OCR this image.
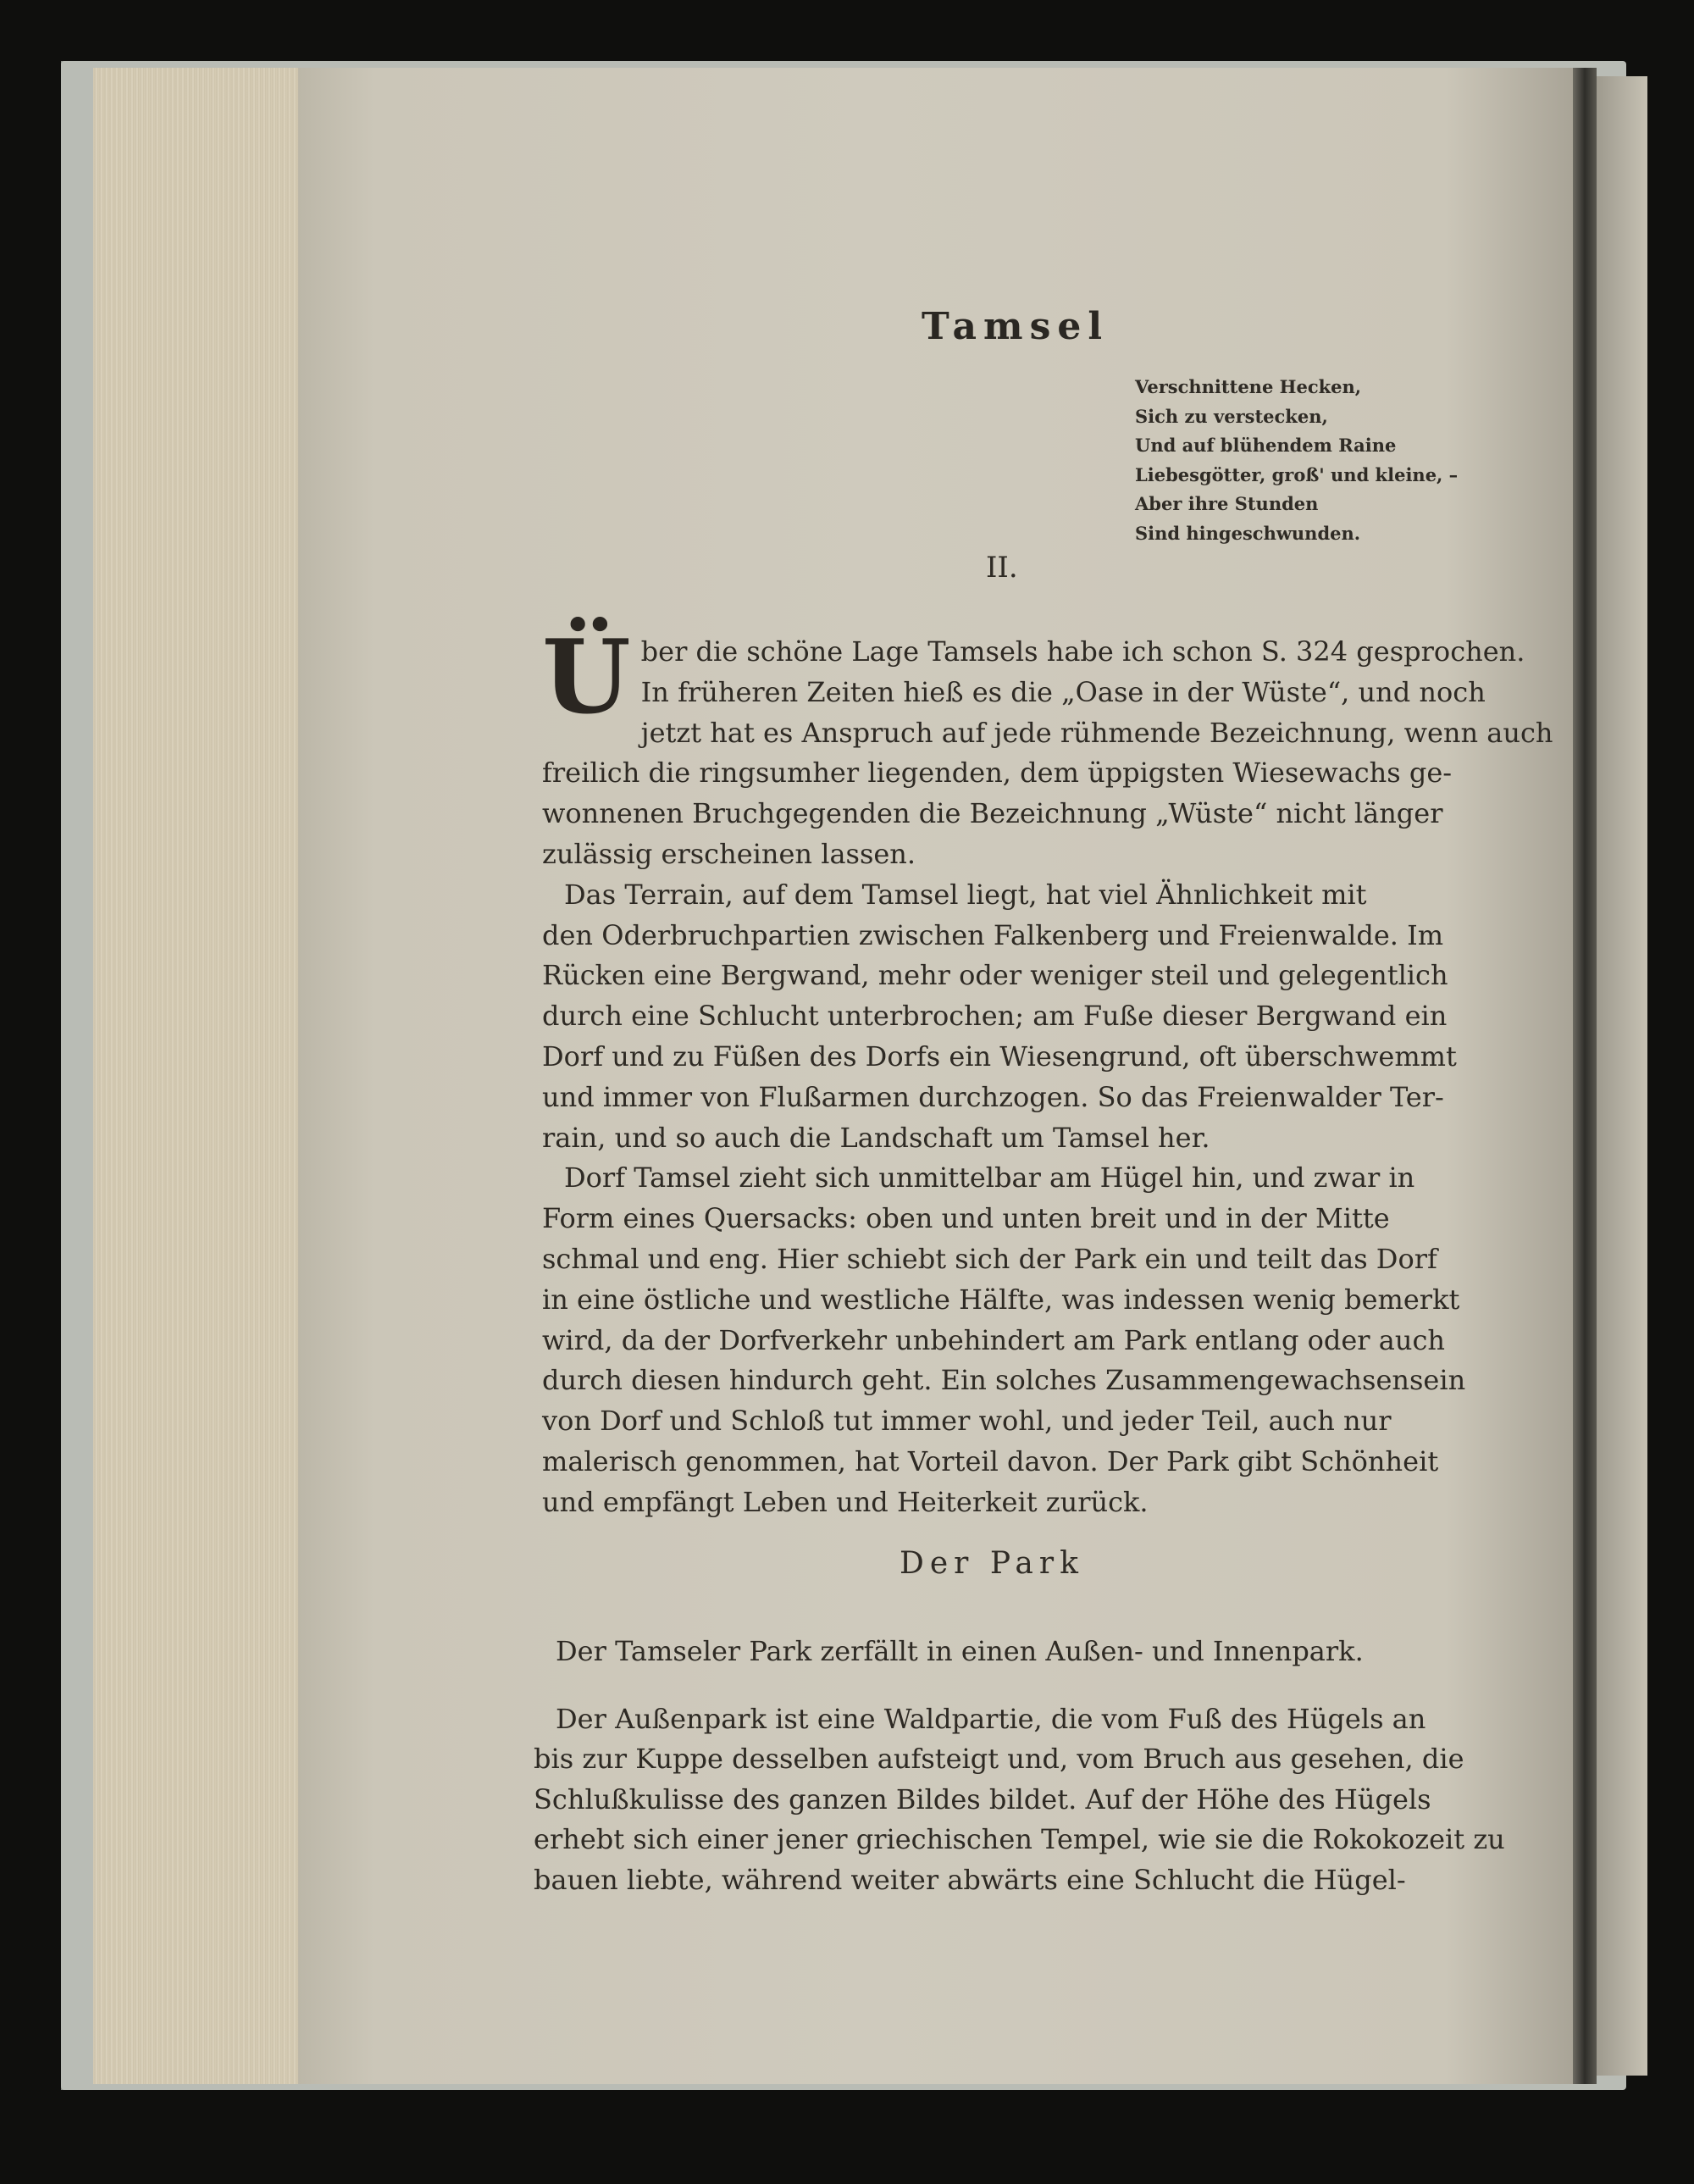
Tamsel
Verschnittene Hecken,
Sich zu verstecken,
Und auf blühendem Raine
Liebesgötter, groß' und kleine, –
Aber ihre Stunden
Sind hingeschwunden.
II.

Ü ber die schöne Lage Tamsels habe ich schon S. 324 gesprochen.
In früheren Zeiten hieß es die „Oase in der Wüste“, und noch
jetzt hat es Anspruch auf jede rühmende Bezeichnung, wenn auch
freilich die ringsumher liegenden, dem üppigsten Wiesewachs ge-
wonnenen Bruchgegenden die Bezeichnung „Wüste“ nicht länger
zulässig erscheinen lassen.

Das Terrain, auf dem Tamsel liegt, hat viel Ähnlichkeit mit
den Oderbruchpartien zwischen Falkenberg und Freienwalde. Im
Rücken eine Bergwand, mehr oder weniger steil und gelegentlich
durch eine Schlucht unterbrochen; am Fuße dieser Bergwand ein
Dorf und zu Füßen des Dorfs ein Wiesengrund, oft überschwemmt
und immer von Flußarmen durchzogen. So das Freienwalder Ter-
rain, und so auch die Landschaft um Tamsel her.

Dorf Tamsel zieht sich unmittelbar am Hügel hin, und zwar in
Form eines Quersacks: oben und unten breit und in der Mitte
schmal und eng. Hier schiebt sich der Park ein und teilt das Dorf
in eine östliche und westliche Hälfte, was indessen wenig bemerkt
wird, da der Dorfverkehr unbehindert am Park entlang oder auch
durch diesen hindurch geht. Ein solches Zusammengewachsensein
von Dorf und Schloß tut immer wohl, und jeder Teil, auch nur
malerisch genommen, hat Vorteil davon. Der Park gibt Schönheit
und empfängt Leben und Heiterkeit zurück.

Der Park

Der Tamseler Park zerfällt in einen Außen- und Innenpark.

Der Außenpark ist eine Waldpartie, die vom Fuß des Hügels an
bis zur Kuppe desselben aufsteigt und, vom Bruch aus gesehen, die
Schlußkulisse des ganzen Bildes bildet. Auf der Höhe des Hügels
erhebt sich einer jener griechischen Tempel, wie sie die Rokokozeit zu
bauen liebte, während weiter abwärts eine Schlucht die Hügel-
